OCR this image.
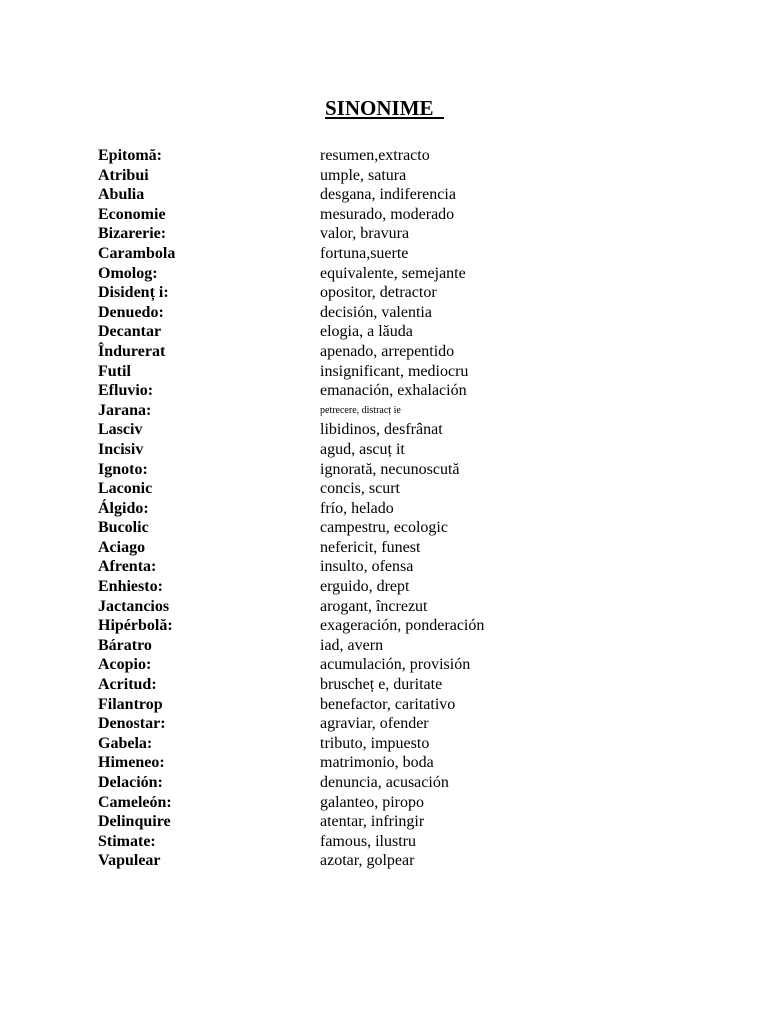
SINONIME
Epitomă:	resumen,extracto
Atribui	umple, satura
Abulia	desgana, indiferencia
Economie	mesurado, moderado
Bizarerie:	valor, bravura
Carambola	fortuna,suerte
Omolog:	equivalente, semejante
Disidenț i:	opositor, detractor
Denuedo:	decisión, valentia
Decantar	elogia, a lăuda
Îndurerat	apenado, arrepentido
Futil	insignificant, mediocru
Efluvio:	emanación, exhalación
Jarana:	petrecere, distracț ie
Lasciv	libidinos, desfrânat
Incisiv	agud, ascuț it
Ignoto:	ignorată, necunoscută
Laconic	concis, scurt
Álgido:	frío, helado
Bucolic	campestru, ecologic
Aciago	nefericit, funest
Afrenta:	insulto, ofensa
Enhiesto:	erguido, drept
Jactancios	arogant, încrezut
Hipérbolă:	exageración, ponderación
Báratro	iad, avern
Acopio:	acumulación, provisión
Acritud:	bruscheț e, duritate
Filantrop	benefactor, caritativo
Denostar:	agraviar, ofender
Gabela:	tributo, impuesto
Himeneo:	matrimonio, boda
Delación:	denuncia, acusación
Cameleón:	galanteo, piropo
Delinquire	atentar, infringir
Stimate:	famous, ilustru
Vapulear	azotar, golpear
